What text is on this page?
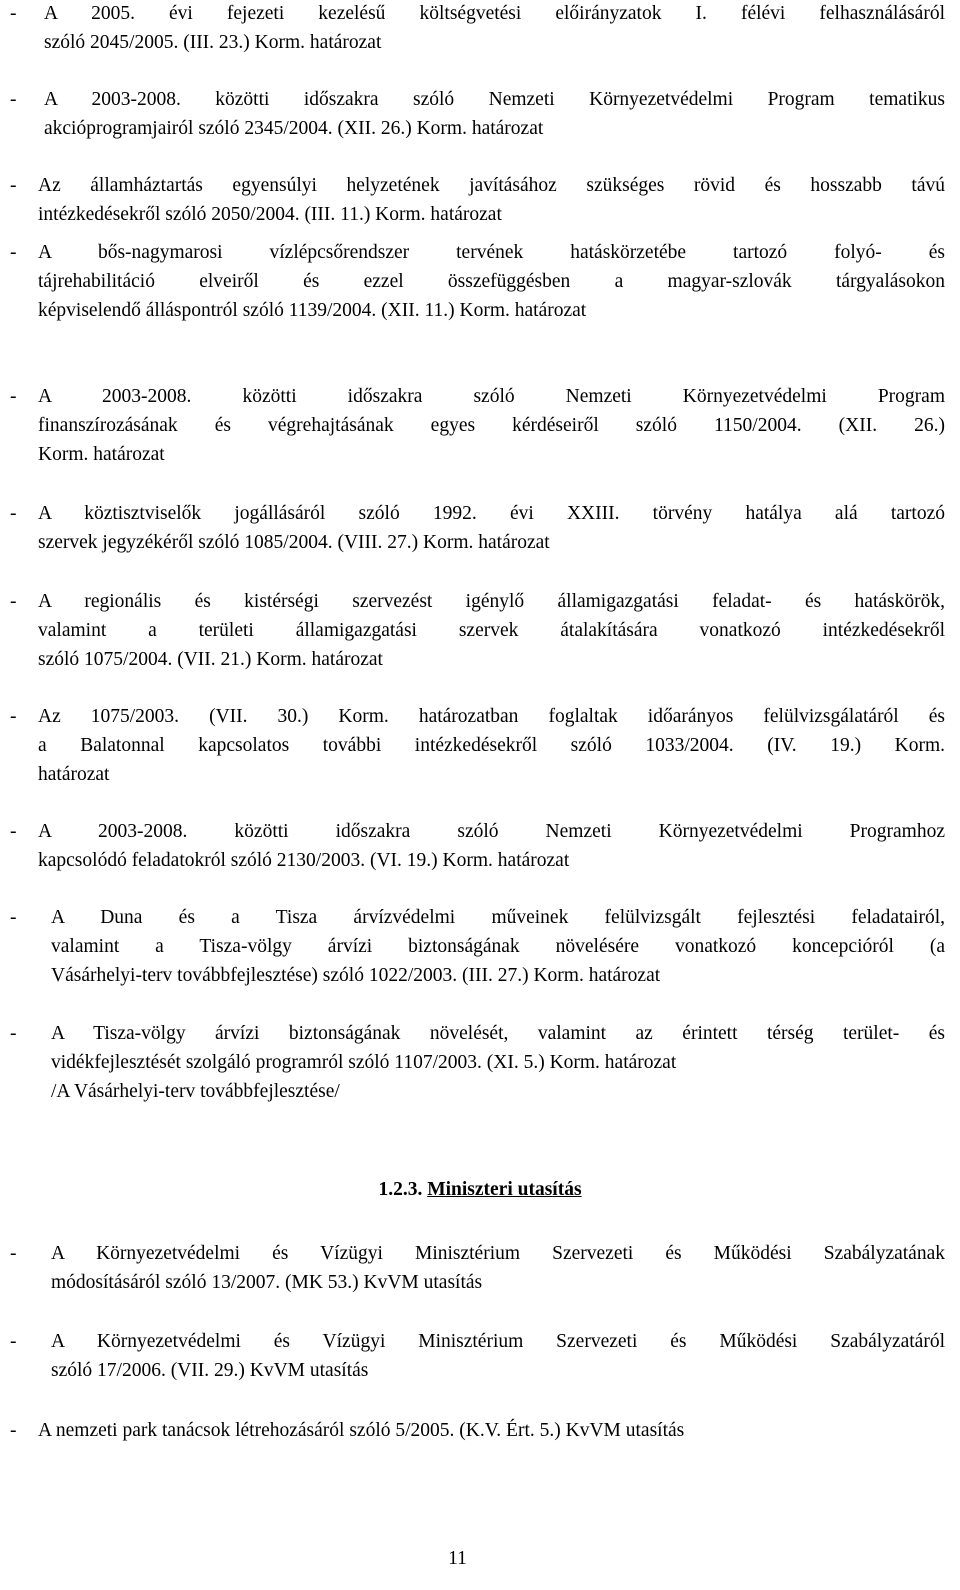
- A 2005. évi fejezeti kezelésű költségvetési előirányzatok I. félévi felhasználásáról
szóló 2045/2005. (III. 23.) Korm. határozat
- A 2003-2008. közötti időszakra szóló Nemzeti Környezetvédelmi Program tematikus
akcióprogramjairól szóló 2345/2004. (XII. 26.) Korm. határozat
- Az államháztartás egyensúlyi helyzetének javításához szükséges rövid és hosszabb távú
intézkedésekről szóló 2050/2004. (III. 11.) Korm. határozat
- A bős-nagymarosi vízlépcsőrendszer tervének hatáskörzetébe tartozó folyó- és
tájrehabilitáció elveiről és ezzel összefüggésben a magyar-szlovák tárgyalásokon
képviselendő álláspontról szóló 1139/2004. (XII. 11.) Korm. határozat
- A 2003-2008. közötti időszakra szóló Nemzeti Környezetvédelmi Program
finanszírozásának és végrehajtásának egyes kérdéseiről szóló 1150/2004. (XII. 26.)
Korm. határozat
- A köztisztviselők jogállásáról szóló 1992. évi XXIII. törvény hatálya alá tartozó
szervek jegyzékéről szóló 1085/2004. (VIII. 27.) Korm. határozat
- A regionális és kistérségi szervezést igénylő államigazgatási feladat- és hatáskörök,
valamint a területi államigazgatási szervek átalakítására vonatkozó intézkedésekről
szóló 1075/2004. (VII. 21.) Korm. határozat
- Az 1075/2003. (VII. 30.) Korm. határozatban foglaltak időarányos felülvizsgálatáról és
a Balatonnal kapcsolatos további intézkedésekről szóló 1033/2004. (IV. 19.) Korm.
határozat
- A 2003-2008. közötti időszakra szóló Nemzeti Környezetvédelmi Programhoz
kapcsolódó feladatokról szóló 2130/2003. (VI. 19.) Korm. határozat
- A Duna és a Tisza árvízvédelmi műveinek felülvizsgált fejlesztési feladatairól,
valamint a Tisza-völgy árvízi biztonságának növelésére vonatkozó koncepcióról (a
Vásárhelyi-terv továbbfejlesztése) szóló 1022/2003. (III. 27.) Korm. határozat
- A Tisza-völgy árvízi biztonságának növelését, valamint az érintett térség terület- és
vidékfejlesztését szolgáló programról szóló 1107/2003. (XI. 5.) Korm. határozat
/A Vásárhelyi-terv továbbfejlesztése/
1.2.3. Miniszteri utasítás
- A Környezetvédelmi és Vízügyi Minisztérium Szervezeti és Működési Szabályzatának
módosításáról szóló 13/2007. (MK 53.) KvVM utasítás
- A Környezetvédelmi és Vízügyi Minisztérium Szervezeti és Működési Szabályzatáról
szóló 17/2006. (VII. 29.) KvVM utasítás
- A nemzeti park tanácsok létrehozásáról szóló 5/2005. (K.V. Ért. 5.) KvVM utasítás
11
